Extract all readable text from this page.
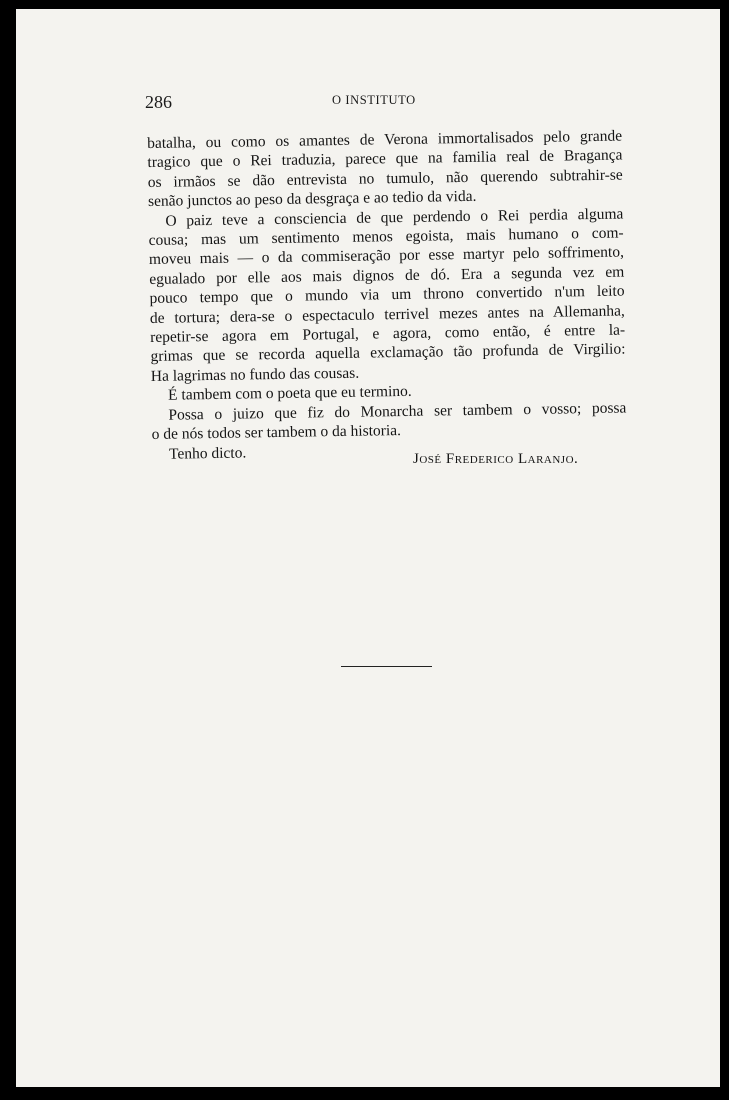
286	O INSTITUTO
batalha, ou como os amantes de Verona immortalisados pelo grande
tragico que o Rei traduzia, parece que na familia real de Bragança
os irmãos se dão entrevista no tumulo, não querendo subtrahir-se
senão junctos ao peso da desgraça e ao tedio da vida.
O paiz teve a consciencia de que perdendo o Rei perdia alguma
cousa; mas um sentimento menos egoista, mais humano o com-
moveu mais — o da commiseração por esse martyr pelo soffrimento,
egualado por elle aos mais dignos de dó. Era a segunda vez em
pouco tempo que o mundo via um throno convertido n'um leito
de tortura; dera-se o espectaculo terrivel mezes antes na Allemanha,
repetir-se agora em Portugal, e agora, como então, é entre la-
grimas que se recorda aquella exclamação tão profunda de Virgilio:
Ha lagrimas no fundo das cousas.
É tambem com o poeta que eu termino.
Possa o juizo que fiz do Monarcha ser tambem o vosso; possa
o de nós todos ser tambem o da historia.
Tenho dicto.	José Frederico Laranjo.
